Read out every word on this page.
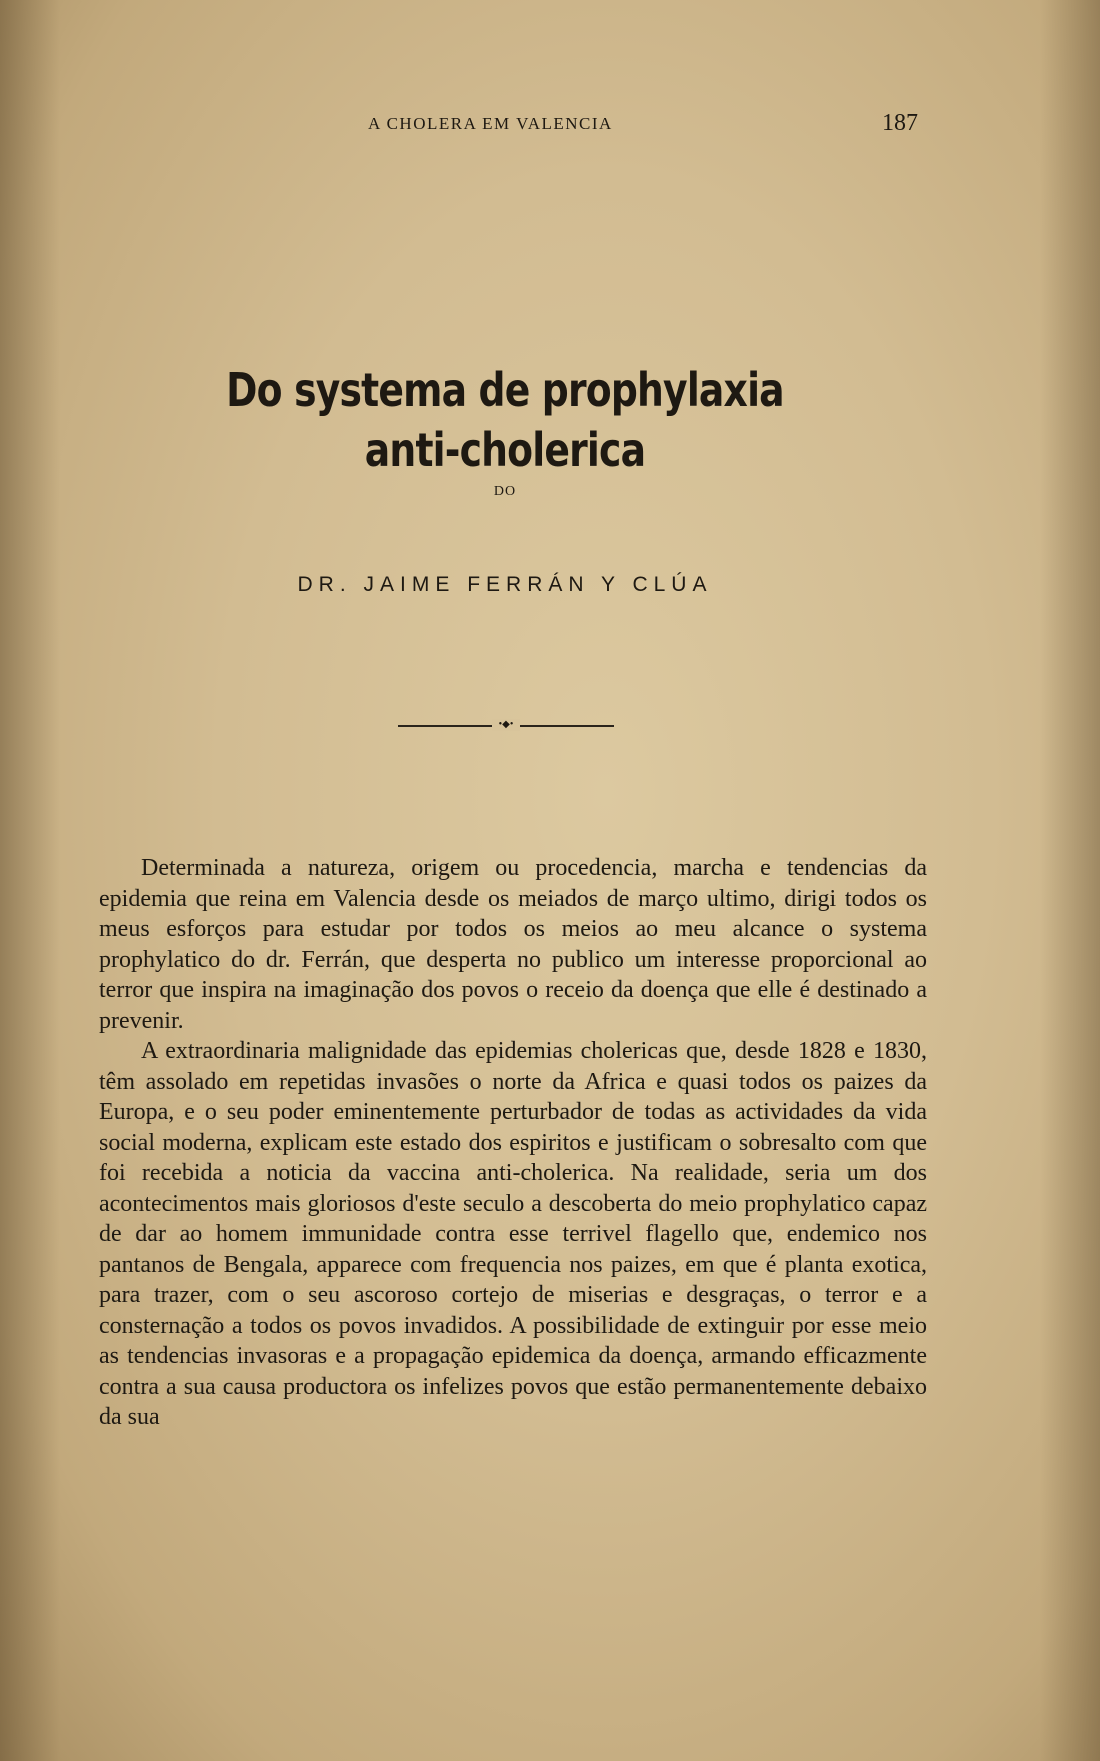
A CHOLERA EM VALENCIA	187
Do systema de prophylaxia anti-cholerica
DO
DR. JAIME FERRÁN Y CLÚA
•◆•

Determinada a natureza, origem ou procedencia, marcha e tendencias da epidemia que reina em Valencia desde os meiados de março ultimo, dirigi todos os meus esforços para estudar por todos os meios ao meu alcance o systema prophylatico do dr. Ferrán, que desperta no publico um interesse proporcional ao terror que inspira na imaginação dos povos o receio da doença que elle é destinado a prevenir.

A extraordinaria malignidade das epidemias cholericas que, desde 1828 e 1830, têm assolado em repetidas invasões o norte da Africa e quasi todos os paizes da Europa, e o seu poder eminentemente perturbador de todas as actividades da vida social moderna, explicam este estado dos espiritos e justificam o sobresalto com que foi recebida a noticia da vaccina anti-cholerica. Na realidade, seria um dos acontecimentos mais gloriosos d'este seculo a descoberta do meio prophylatico capaz de dar ao homem immunidade contra esse terrivel flagello que, endemico nos pantanos de Bengala, apparece com frequencia nos paizes, em que é planta exotica, para trazer, com o seu ascoroso cortejo de miserias e desgraças, o terror e a consternação a todos os povos invadidos. A possibilidade de extinguir por esse meio as tendencias invasoras e a propagação epidemica da doença, armando efficazmente contra a sua causa productora os infelizes povos que estão permanentemente debaixo da sua
